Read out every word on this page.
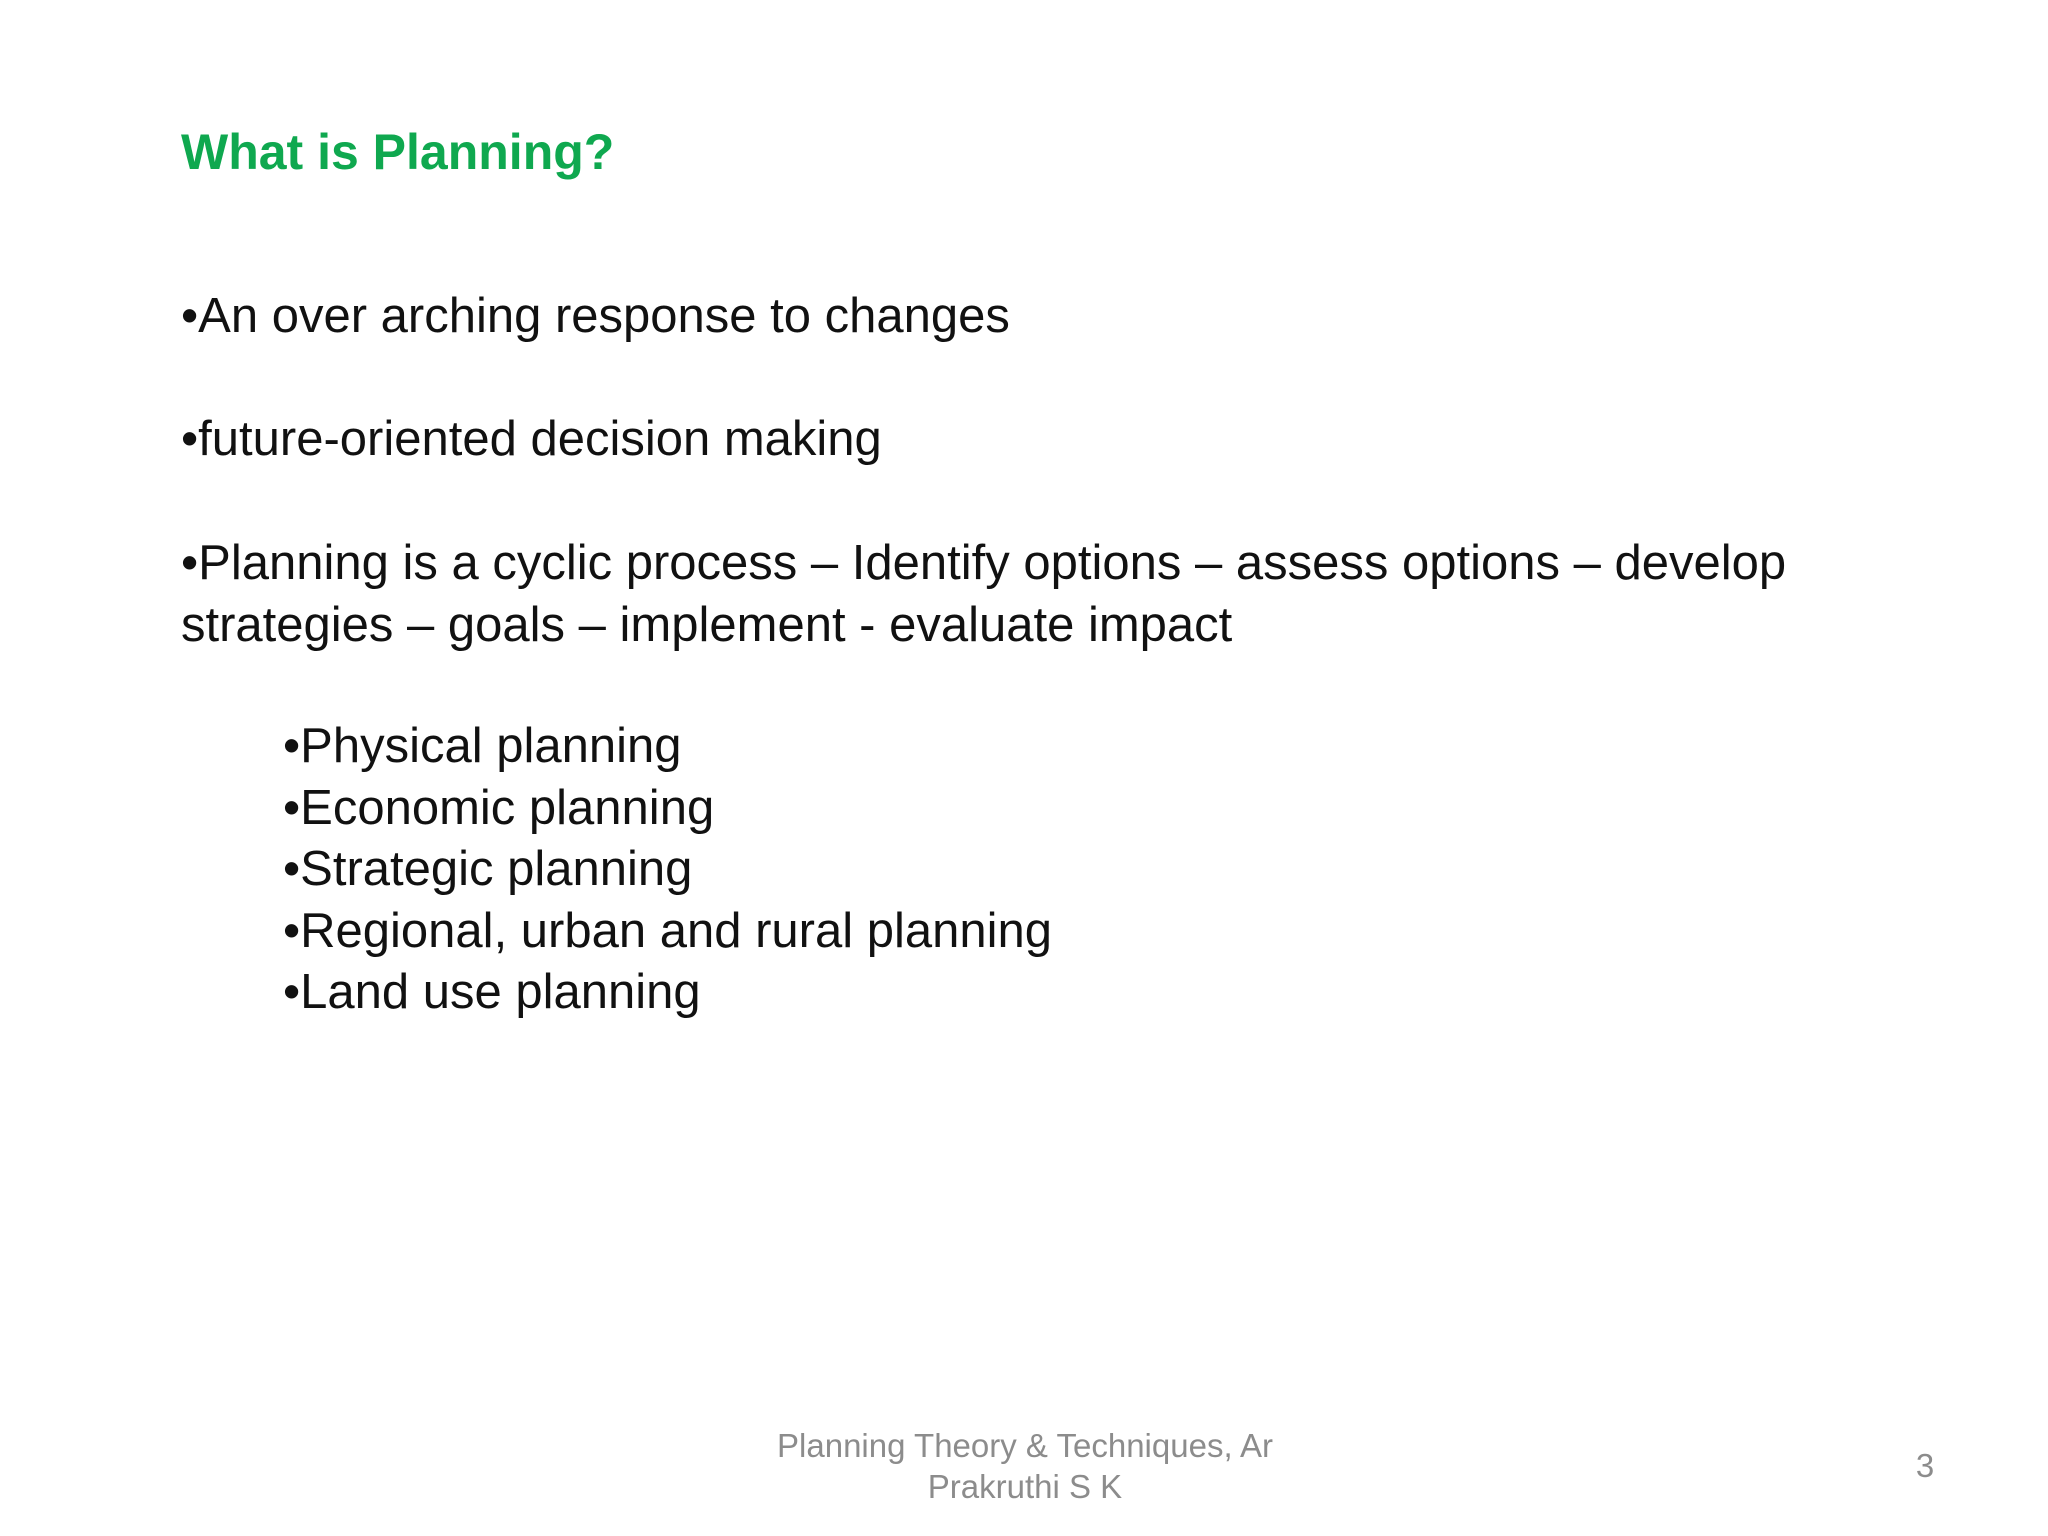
What is Planning?

•An over arching response to changes

•future-oriented decision making

•Planning is a cyclic process – Identify options – assess options – develop strategies – goals – implement - evaluate impact

•Physical planning
•Economic planning
•Strategic planning
•Regional, urban and rural planning
•Land use planning
Planning Theory & Techniques, Ar Prakruthi S K
3
